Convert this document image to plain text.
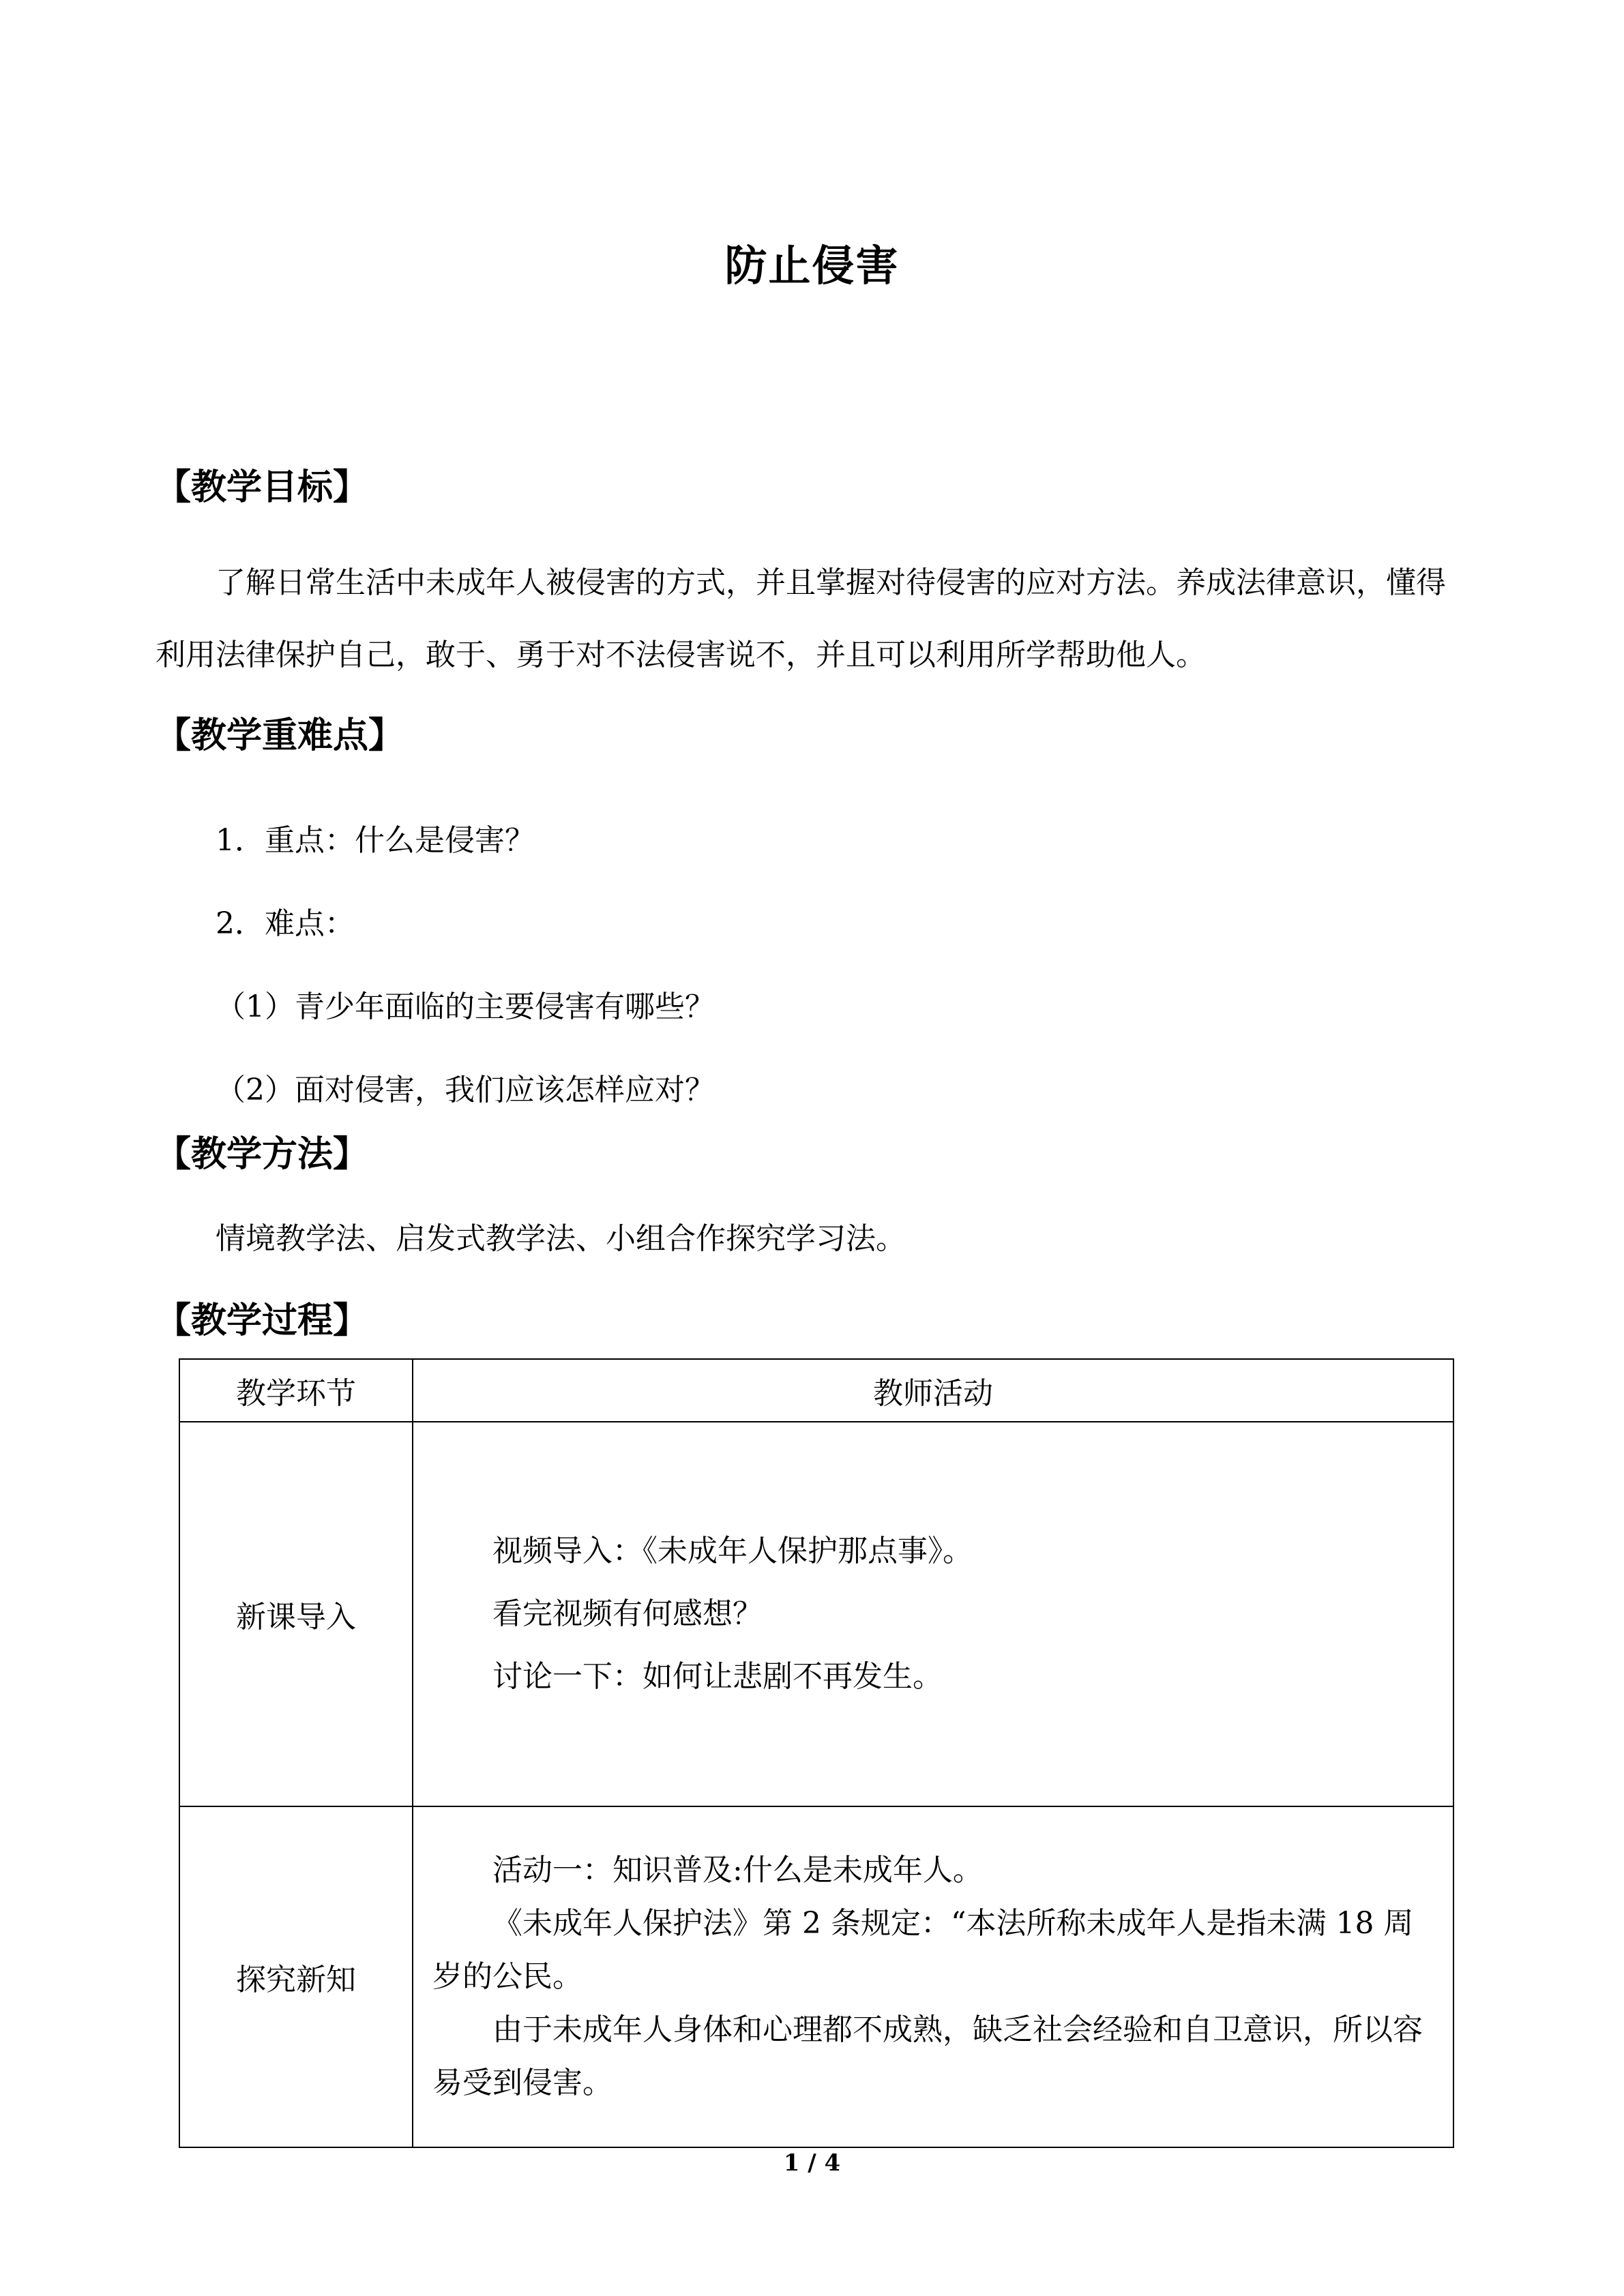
防止侵害
【教学目标】
了解日常生活中未成年人被侵害的方式，并且掌握对待侵害的应对方法。养成法律意识，懂得利用法律保护自己，敢于、勇于对不法侵害说不，并且可以利用所学帮助他人。
【教学重难点】
1．重点：什么是侵害？
2．难点：
（1）青少年面临的主要侵害有哪些？
（2）面对侵害，我们应该怎样应对？
【教学方法】
情境教学法、启发式教学法、小组合作探究学习法。
【教学过程】
教学环节	教师活动
新课导入	视频导入：《未成年人保护那点事》。
看完视频有何感想？
讨论一下：如何让悲剧不再发生。

探究新知	活动一：知识普及:什么是未成年人。
《未成年人保护法》第 2 条规定：“本法所称未成年人是指未满 18 周岁的公民。
由于未成年人身体和心理都不成熟，缺乏社会经验和自卫意识，所以容易受到侵害。
1 / 4
